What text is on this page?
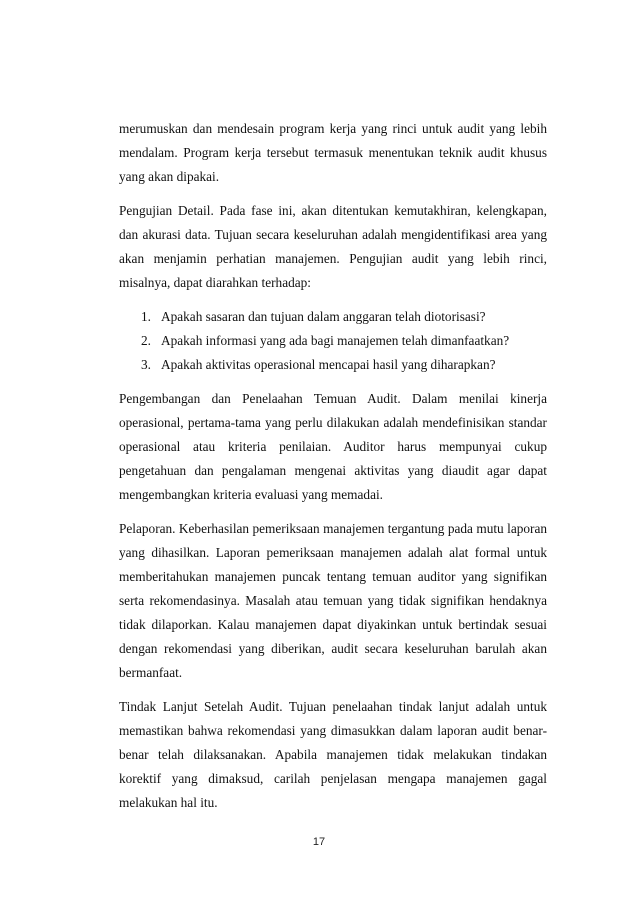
merumuskan dan mendesain program kerja yang rinci untuk audit yang lebih mendalam. Program kerja tersebut termasuk menentukan teknik audit khusus yang akan dipakai.

Pengujian Detail. Pada fase ini, akan ditentukan kemutakhiran, kelengkapan, dan akurasi data. Tujuan secara keseluruhan adalah mengidentifikasi area yang akan menjamin perhatian manajemen. Pengujian audit yang lebih rinci, misalnya, dapat diarahkan terhadap:

1. Apakah sasaran dan tujuan dalam anggaran telah diotorisasi?
2. Apakah informasi yang ada bagi manajemen telah dimanfaatkan?
3. Apakah aktivitas operasional mencapai hasil yang diharapkan?

Pengembangan dan Penelaahan Temuan Audit. Dalam menilai kinerja operasional, pertama-tama yang perlu dilakukan adalah mendefinisikan standar operasional atau kriteria penilaian. Auditor harus mempunyai cukup pengetahuan dan pengalaman mengenai aktivitas yang diaudit agar dapat mengembangkan kriteria evaluasi yang memadai.

Pelaporan. Keberhasilan pemeriksaan manajemen tergantung pada mutu laporan yang dihasilkan. Laporan pemeriksaan manajemen adalah alat formal untuk memberitahukan manajemen puncak tentang temuan auditor yang signifikan serta rekomendasinya. Masalah atau temuan yang tidak signifikan hendaknya tidak dilaporkan. Kalau manajemen dapat diyakinkan untuk bertindak sesuai dengan rekomendasi yang diberikan, audit secara keseluruhan barulah akan bermanfaat.

Tindak Lanjut Setelah Audit. Tujuan penelaahan tindak lanjut adalah untuk memastikan bahwa rekomendasi yang dimasukkan dalam laporan audit benar-benar telah dilaksanakan. Apabila manajemen tidak melakukan tindakan korektif yang dimaksud, carilah penjelasan mengapa manajemen gagal melakukan hal itu.

17
